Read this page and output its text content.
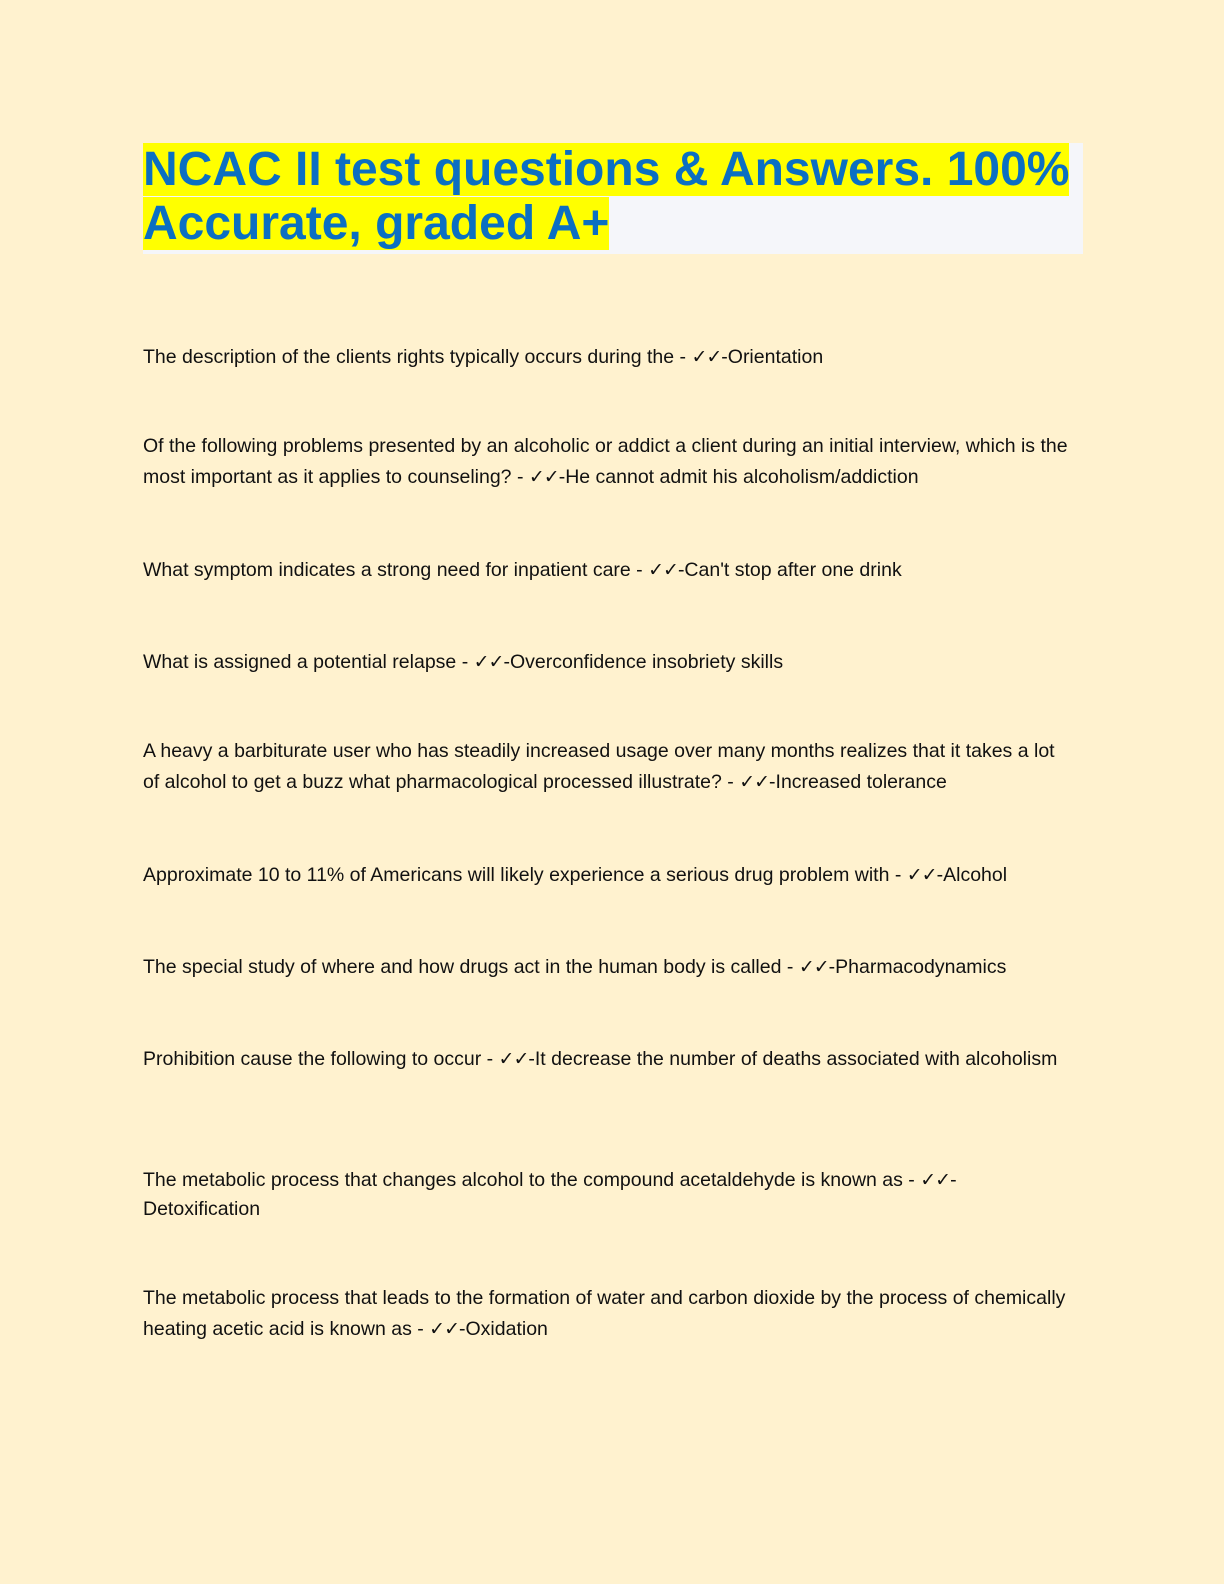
NCAC II test questions & Answers. 100% Accurate, graded A+

The description of the clients rights typically occurs during the - ✓✓-Orientation

Of the following problems presented by an alcoholic or addict a client during an initial interview, which is the most important as it applies to counseling? - ✓✓-He cannot admit his alcoholism/addiction

What symptom indicates a strong need for inpatient care - ✓✓-Can't stop after one drink

What is assigned a potential relapse - ✓✓-Overconfidence insobriety skills

A heavy a barbiturate user who has steadily increased usage over many months realizes that it takes a lot of alcohol to get a buzz what pharmacological processed illustrate? - ✓✓-Increased tolerance

Approximate 10 to 11% of Americans will likely experience a serious drug problem with - ✓✓-Alcohol

The special study of where and how drugs act in the human body is called - ✓✓-Pharmacodynamics

Prohibition cause the following to occur - ✓✓-It decrease the number of deaths associated with alcoholism

The metabolic process that changes alcohol to the compound acetaldehyde is known as - ✓✓-Detoxification

The metabolic process that leads to the formation of water and carbon dioxide by the process of chemically heating acetic acid is known as - ✓✓-Oxidation
